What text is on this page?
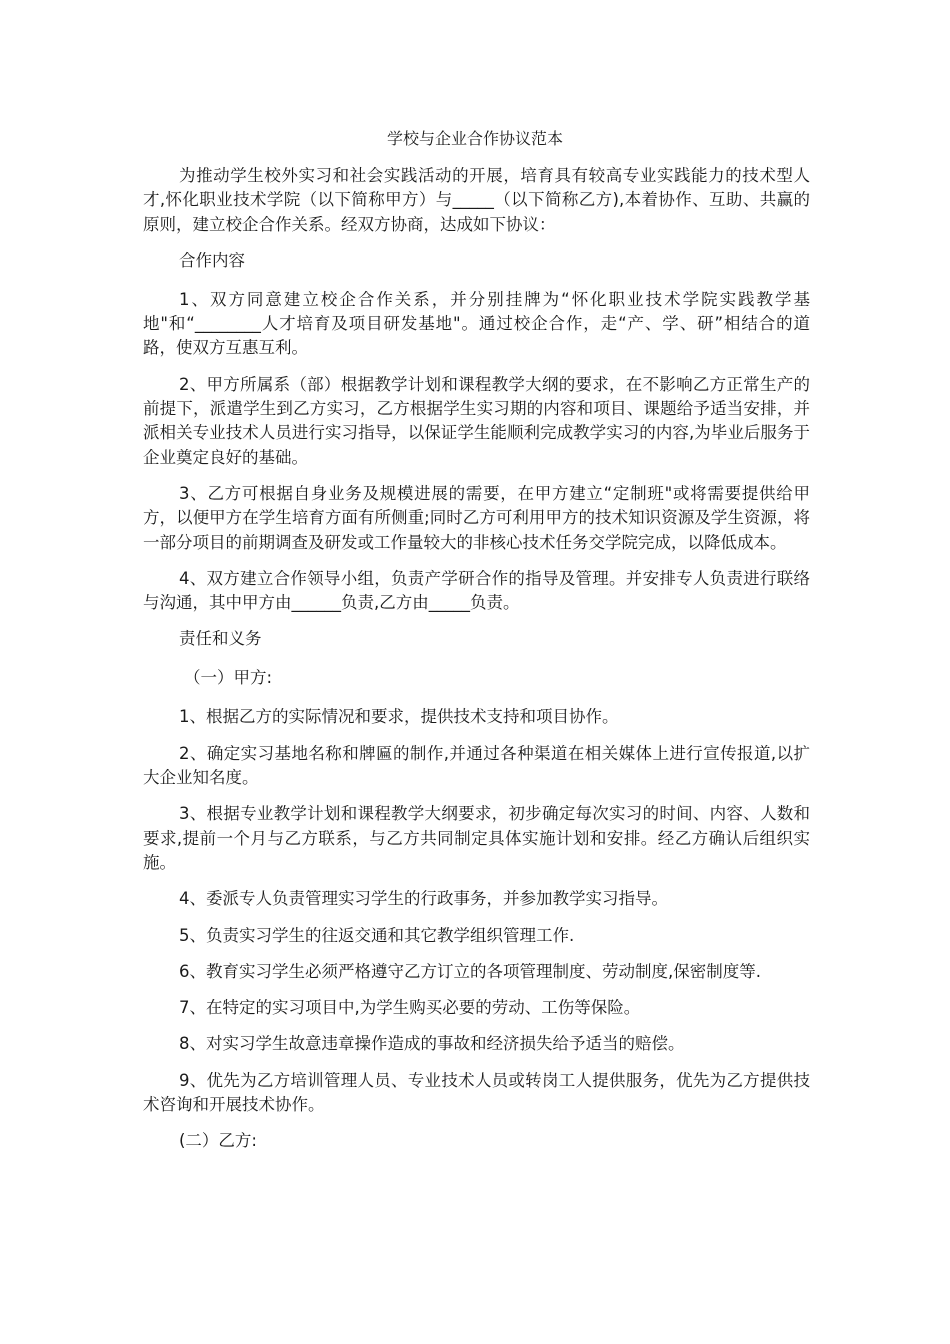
学校与企业合作协议范本

为推动学生校外实习和社会实践活动的开展，培育具有较高专业实践能力的技术型人才,怀化职业技术学院（以下简称甲方）与_____（以下简称乙方),本着协作、互助、共赢的原则，建立校企合作关系。经双方协商，达成如下协议：

合作内容

1、双方同意建立校企合作关系，并分别挂牌为“怀化职业技术学院实践教学基地"和“________人才培育及项目研发基地"。通过校企合作，走“产、学、研”相结合的道路，使双方互惠互利。

2、甲方所属系（部）根据教学计划和课程教学大纲的要求，在不影响乙方正常生产的前提下，派遣学生到乙方实习，乙方根据学生实习期的内容和项目、课题给予适当安排，并派相关专业技术人员进行实习指导，以保证学生能顺利完成教学实习的内容,为毕业后服务于企业奠定良好的基础。

3、乙方可根据自身业务及规模进展的需要，在甲方建立“定制班"或将需要提供给甲方，以便甲方在学生培育方面有所侧重;同时乙方可利用甲方的技术知识资源及学生资源，将一部分项目的前期调查及研发或工作量较大的非核心技术任务交学院完成，以降低成本。

4、双方建立合作领导小组，负责产学研合作的指导及管理。并安排专人负责进行联络与沟通，其中甲方由______负责,乙方由_____负责。

责任和义务

（一）甲方:

1、根据乙方的实际情况和要求，提供技术支持和项目协作。

2、确定实习基地名称和牌匾的制作,并通过各种渠道在相关媒体上进行宣传报道,以扩大企业知名度。

3、根据专业教学计划和课程教学大纲要求，初步确定每次实习的时间、内容、人数和要求,提前一个月与乙方联系，与乙方共同制定具体实施计划和安排。经乙方确认后组织实施。

4、委派专人负责管理实习学生的行政事务，并参加教学实习指导。

5、负责实习学生的往返交通和其它教学组织管理工作.

6、教育实习学生必须严格遵守乙方订立的各项管理制度、劳动制度,保密制度等.

7、在特定的实习项目中,为学生购买必要的劳动、工伤等保险。

8、对实习学生故意违章操作造成的事故和经济损失给予适当的赔偿。

9、优先为乙方培训管理人员、专业技术人员或转岗工人提供服务，优先为乙方提供技术咨询和开展技术协作。

(二）乙方:
